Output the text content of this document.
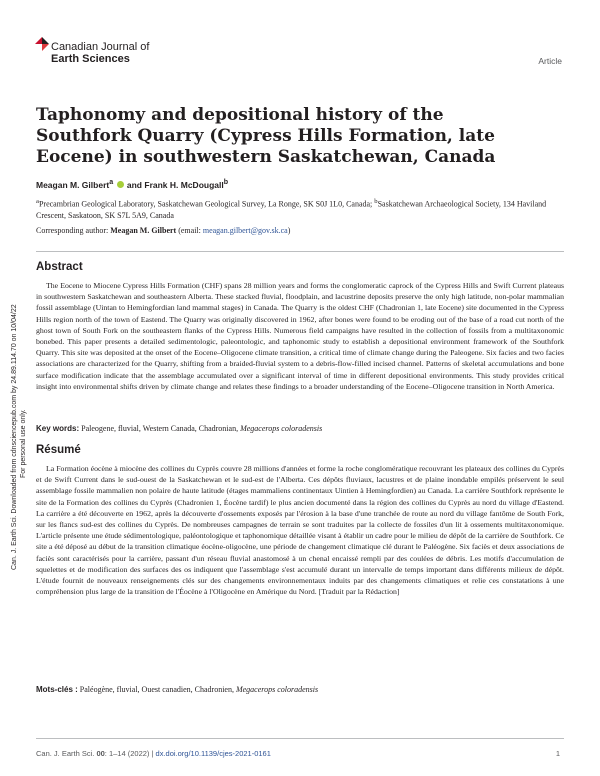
Canadian Journal of
Earth Sciences	Article
Can. J. Earth Sci. Downloaded from cdnsciencepub.com by 24.89.114.70 on 10/04/22 For personal use only.
Taphonomy and depositional history of the Southfork Quarry (Cypress Hills Formation, late Eocene) in southwestern Saskatchewan, Canada
Meagan M. Gilbert$^a$  and Frank H. McDougall$^b$
$^a$Precambrian Geological Laboratory, Saskatchewan Geological Survey, La Ronge, SK S0J 1L0, Canada; $^b$Saskatchewan Archaeological Society, 134 Haviland Crescent, Saskatoon, SK S7L 5A9, Canada
Corresponding author: Meagan M. Gilbert (email: meagan.gilbert@gov.sk.ca)
Abstract

The Eocene to Miocene Cypress Hills Formation (CHF) spans 28 million years and forms the conglomeratic caprock of the Cypress Hills and Swift Current plateaus in southwestern Saskatchewan and southeastern Alberta. These stacked fluvial, floodplain, and lacustrine deposits preserve the only high latitude, non-polar mammalian fossil assemblage (Uintan to Hemingfordian land mammal stages) in Canada. The Quarry is the oldest CHF (Chadronian 1, late Eocene) site documented in the Cypress Hills region north of the town of Eastend. The Quarry was originally discovered in 1962, after bones were found to be eroding out of the base of a road cut north of the ghost town of South Fork on the southeastern flanks of the Cypress Hills. Numerous field campaigns have resulted in the collection of fossils from a multitaxonomic bonebed. This paper presents a detailed sedimentologic, paleontologic, and taphonomic study to establish a depositional environment framework of the Southfork Quarry. This site was deposited at the onset of the Eocene–Oligocene climate transition, a critical time of climate change during the Paleogene. Six facies and two facies associations are characterized for the Quarry, shifting from a braided-fluvial system to a debris-flow-filled incised channel. Patterns of skeletal accumulations and bone surface modification indicate that the assemblage accumulated over a significant interval of time in different depositional environments. This study provides critical insight into environmental shifts driven by climate change and relates these findings to a broader understanding of the Eocene–Oligocene transition in North America.

Key words: Paleogene, fluvial, Western Canada, Chadronian, Megacerops coloradensis
Résumé

La Formation éocène à miocène des collines du Cyprès couvre 28 millions d'années et forme la roche conglomératique recouvrant les plateaux des collines du Cyprès et de Swift Current dans le sud-ouest de la Saskatchewan et le sud-est de l'Alberta. Ces dépôts fluviaux, lacustres et de plaine inondable empilés préservent le seul assemblage fossile mammalien non polaire de haute latitude (étages mammaliens continentaux Uintien à Hemingfordien) au Canada. La carrière Southfork représente le site de la Formation des collines du Cyprès (Chadronien 1, Éocène tardif) le plus ancien documenté dans la région des collines du Cyprès au nord du village d'Eastend. La carrière a été découverte en 1962, après la découverte d'ossements exposés par l'érosion à la base d'une tranchée de route au nord du village fantôme de South Fork, sur les flancs sud-est des collines du Cyprès. De nombreuses campagnes de terrain se sont traduites par la collecte de fossiles d'un lit à ossements multitaxonomique. L'article présente une étude sédimentologique, paléontologique et taphonomique détaillée visant à établir un cadre pour le milieu de dépôt de la carrière de Southfork. Ce site a été déposé au début de la transition climatique éocène-oligocène, une période de changement climatique clé durant le Paléogène. Six faciès et deux associations de faciès sont caractérisés pour la carrière, passant d'un réseau fluvial anastomosé à un chenal encaissé rempli par des coulées de débris. Les motifs d'accumulation de squelettes et de modification des surfaces des os indiquent que l'assemblage s'est accumulé durant un intervalle de temps important dans différents milieux de dépôt. L'étude fournit de nouveaux renseignements clés sur des changements environnementaux induits par des changements climatiques et relie ces constatations à une compréhension plus large de la transition de l'Éocène à l'Oligocène en Amérique du Nord. [Traduit par la Rédaction]

Mots-clés : Paléogène, fluvial, Ouest canadien, Chadronien, Megacerops coloradensis
Can. J. Earth Sci. 00: 1–14 (2022) | dx.doi.org/10.1139/cjes-2021-0161	1
